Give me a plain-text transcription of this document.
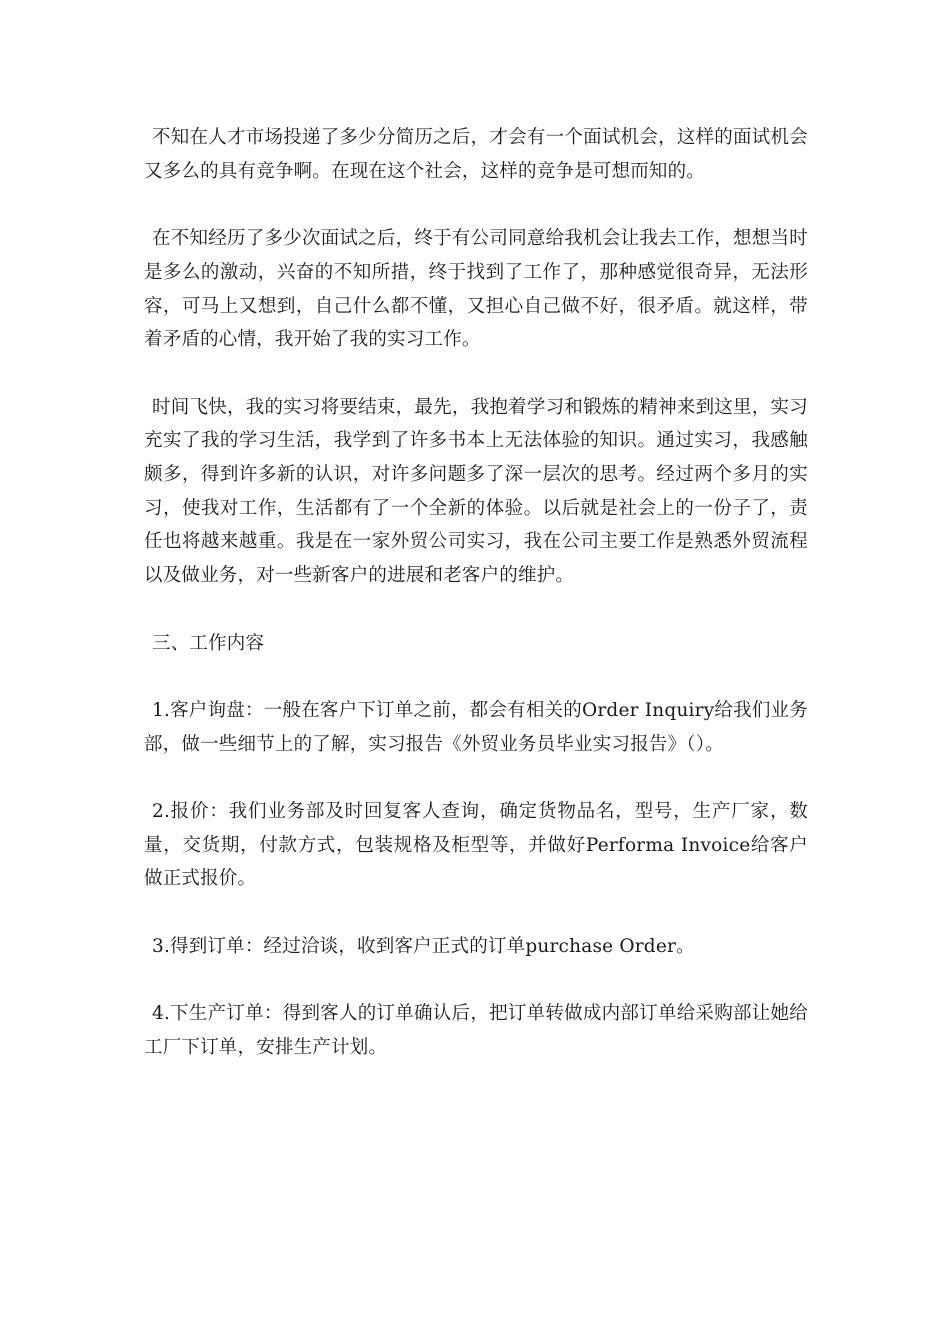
不知在人才市场投递了多少分简历之后，才会有一个面试机会，这样的面试机会又多么的具有竞争啊。在现在这个社会，这样的竞争是可想而知的。

在不知经历了多少次面试之后，终于有公司同意给我机会让我去工作，想想当时是多么的激动，兴奋的不知所措，终于找到了工作了，那种感觉很奇异，无法形容，可马上又想到，自己什么都不懂，又担心自己做不好，很矛盾。就这样，带着矛盾的心情，我开始了我的实习工作。

时间飞快，我的实习将要结束，最先，我抱着学习和锻炼的精神来到这里，实习充实了我的学习生活，我学到了许多书本上无法体验的知识。通过实习，我感触颇多，得到许多新的认识，对许多问题多了深一层次的思考。经过两个多月的实习，使我对工作，生活都有了一个全新的体验。以后就是社会上的一份子了，责任也将越来越重。我是在一家外贸公司实习，我在公司主要工作是熟悉外贸流程以及做业务，对一些新客户的进展和老客户的维护。

三、工作内容

1.客户询盘：一般在客户下订单之前，都会有相关的Order Inquiry给我们业务部，做一些细节上的了解，实习报告《外贸业务员毕业实习报告》（）。

2.报价：我们业务部及时回复客人查询，确定货物品名，型号，生产厂家，数量，交货期，付款方式，包装规格及柜型等，并做好Performa Invoice给客户做正式报价。

3.得到订单：经过洽谈，收到客户正式的订单purchase Order。

4.下生产订单：得到客人的订单确认后，把订单转做成内部订单给采购部让她给工厂下订单，安排生产计划。
